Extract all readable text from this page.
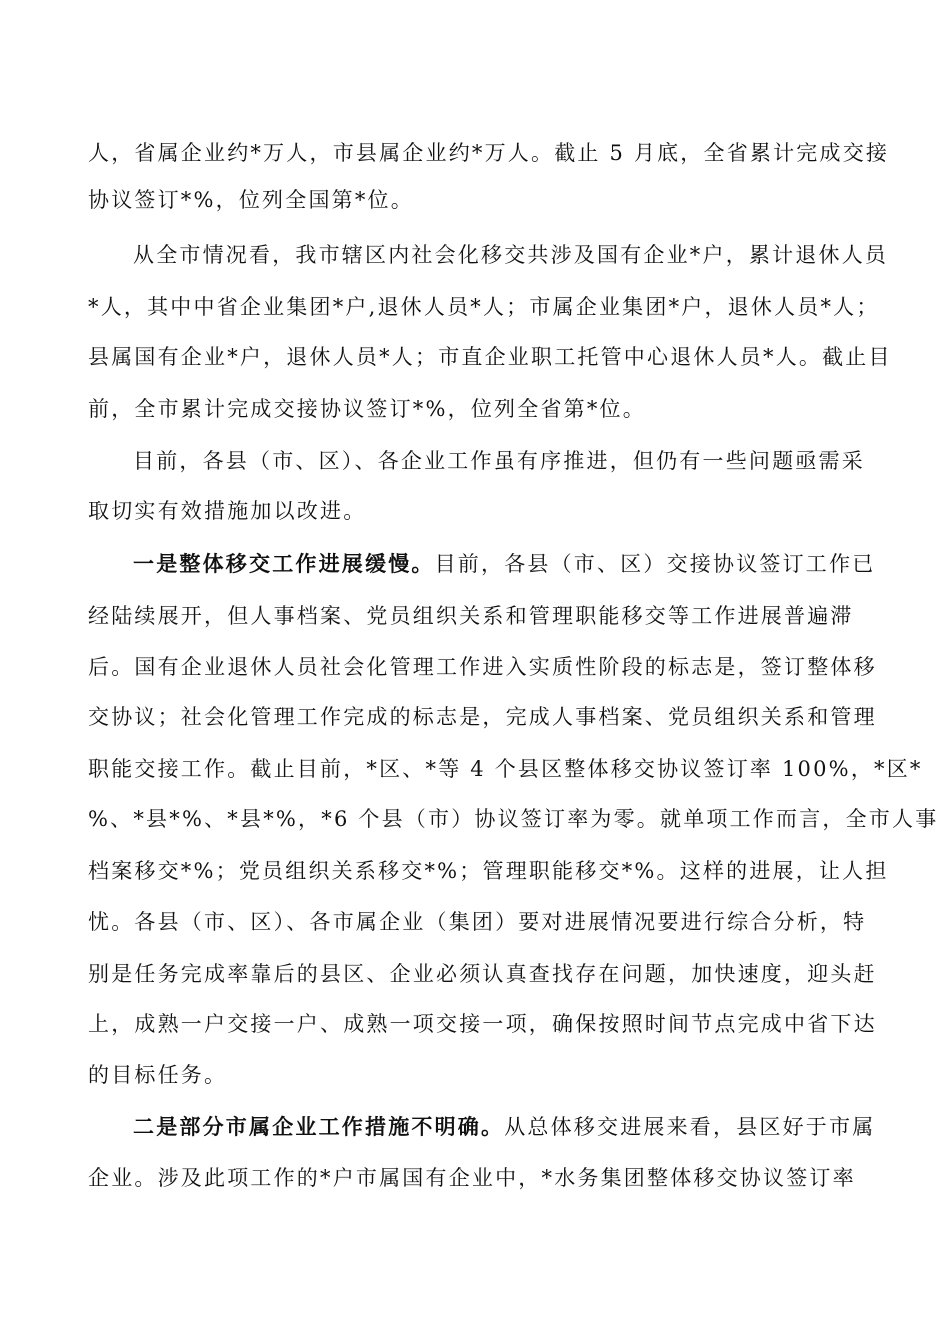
人，省属企业约*万人，市县属企业约*万人。截止 5 月底，全省累计完成交接
协议签订*%，位列全国第*位。
从全市情况看，我市辖区内社会化移交共涉及国有企业*户，累计退休人员
*人，其中中省企业集团*户,退休人员*人；市属企业集团*户，退休人员*人；
县属国有企业*户，退休人员*人；市直企业职工托管中心退休人员*人。截止目
前，全市累计完成交接协议签订*%，位列全省第*位。
目前，各县（市、区）、各企业工作虽有序推进，但仍有一些问题亟需采
取切实有效措施加以改进。
一是整体移交工作进展缓慢。目前，各县（市、区）交接协议签订工作已
经陆续展开，但人事档案、党员组织关系和管理职能移交等工作进展普遍滞
后。国有企业退休人员社会化管理工作进入实质性阶段的标志是，签订整体移
交协议；社会化管理工作完成的标志是，完成人事档案、党员组织关系和管理
职能交接工作。截止目前，*区、*等 4 个县区整体移交协议签订率 100%，*区*
%、*县*%、*县*%，*6 个县（市）协议签订率为零。就单项工作而言，全市人事
档案移交*%；党员组织关系移交*%；管理职能移交*%。这样的进展，让人担
忧。各县（市、区）、各市属企业（集团）要对进展情况要进行综合分析，特
别是任务完成率靠后的县区、企业必须认真查找存在问题，加快速度，迎头赶
上，成熟一户交接一户、成熟一项交接一项，确保按照时间节点完成中省下达
的目标任务。
二是部分市属企业工作措施不明确。从总体移交进展来看，县区好于市属
企业。涉及此项工作的*户市属国有企业中，*水务集团整体移交协议签订率
